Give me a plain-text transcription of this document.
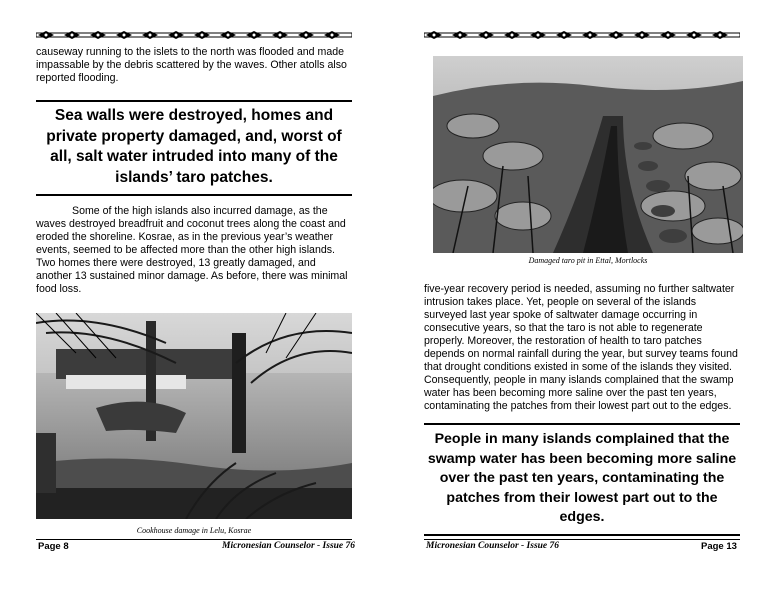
causeway running to the islets to the north was flooded and made impassable by the debris scattered by the waves. Other atolls also reported flooding.

Sea walls were destroyed, homes and private property damaged, and, worst of all, salt water intruded into many of the islands’ taro patches.

Some of the high islands also incurred damage, as the waves destroyed breadfruit and coconut trees along the coast and eroded the shoreline. Kosrae, as in the previous year’s weather events, seemed to be affected more than the other high islands. Two homes there were destroyed, 13 greatly damaged, and another 13 sustained minor damage. As before, there was minimal food loss.

Cookhouse damage in Lelu, Kosrae
Page 8	Micronesian Counselor - Issue 76
Damaged taro pit in Ettal, Mortlocks

five-year recovery period is needed, assuming no further saltwater intrusion takes place. Yet, people on several of the islands surveyed last year spoke of saltwater damage occurring in consecutive years, so that the taro is not able to regenerate properly. Moreover, the restoration of health to taro patches depends on normal rainfall during the year, but survey teams found that drought conditions existed in some of the islands they visited. Consequently, people in many islands complained that the swamp water has been becoming more saline over the past ten years, contaminating the patches from their lowest part out to the edges.

People in many islands complained that the swamp water has been becoming more saline over the past ten years, contaminating the patches from their lowest part out to the edges.

Micronesian Counselor - Issue 76	Page 13
